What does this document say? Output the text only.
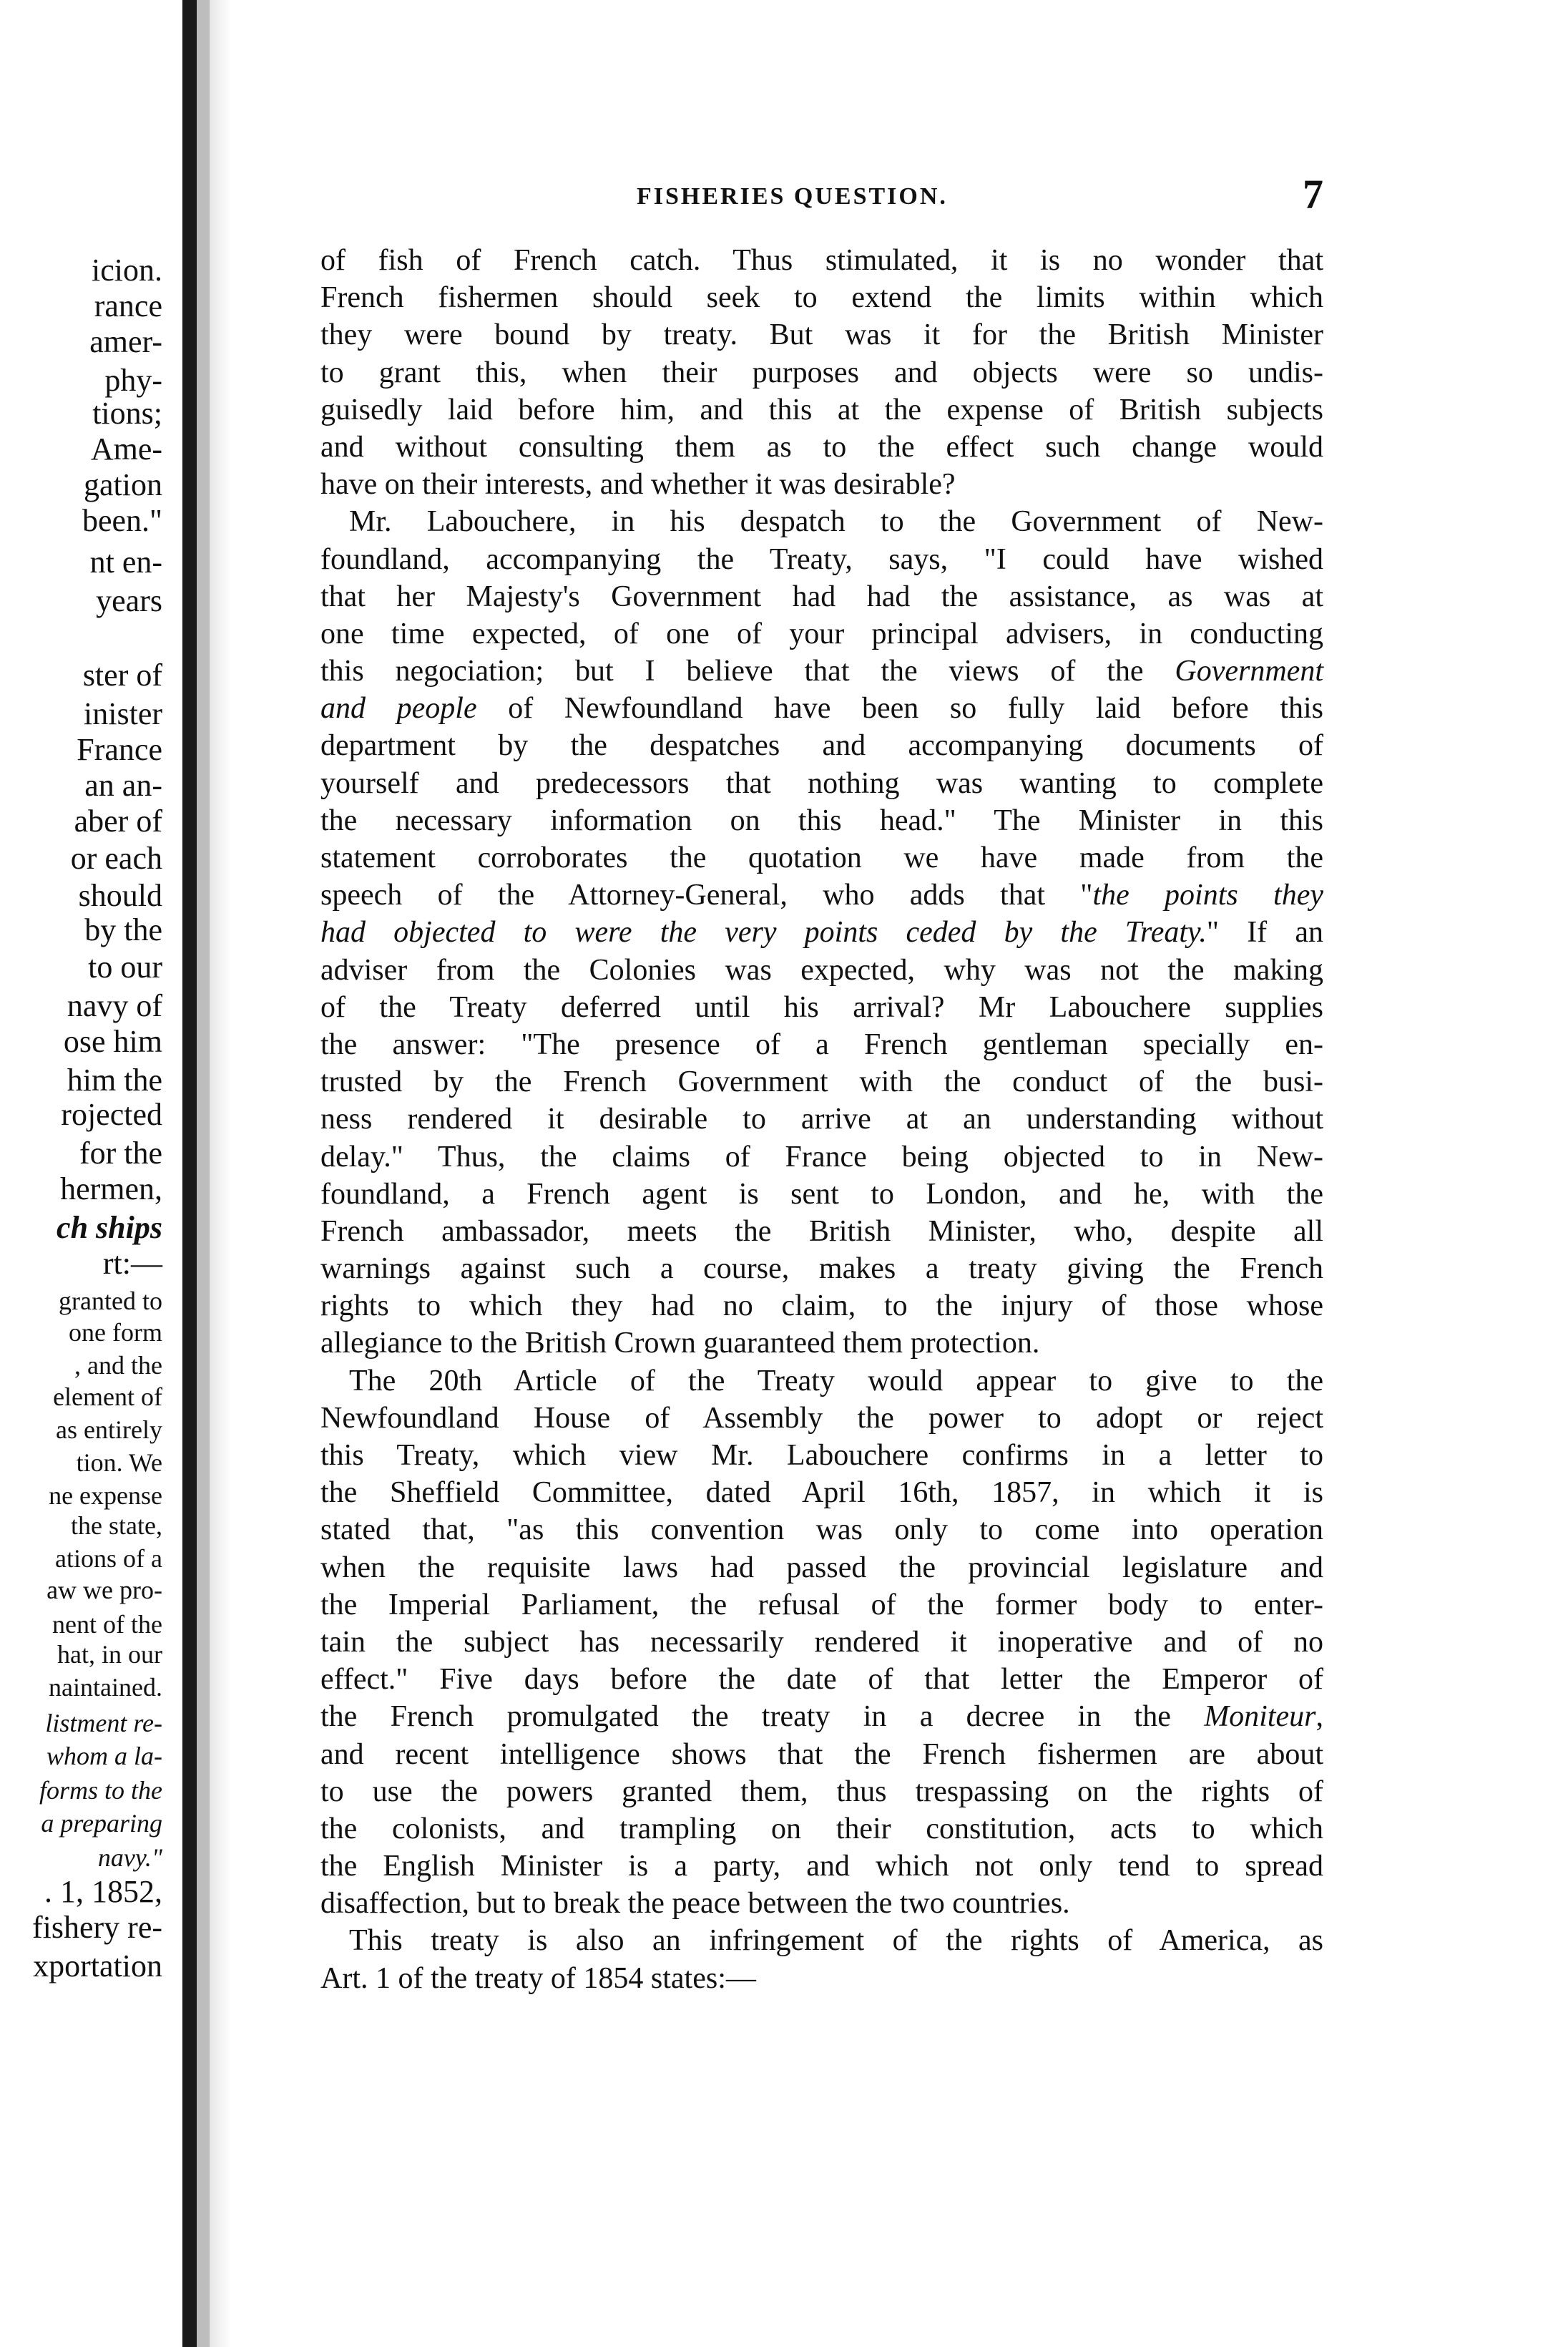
icion.
rance
amer-
phy-
tions;
Ame-
gation
been."
nt en-
years
ster of
inister
France
an an-
aber of
or each
should
by the
to our
navy of
ose him
him the
rojected
for the
hermen,
ch ships
rt:—
granted to
one form
, and the
element of
as entirely
tion. We
ne expense
the state,
ations of a
aw we pro-
nent of the
hat, in our
naintained.
listment re-
whom a la-
forms to the
a preparing
navy."
. 1, 1852,
fishery re-
xportation
FISHERIES QUESTION.	7
of fish of French catch. Thus stimulated, it is no wonder that
French fishermen should seek to extend the limits within which
they were bound by treaty. But was it for the British Minister
to grant this, when their purposes and objects were so undis-
guisedly laid before him, and this at the expense of British subjects
and without consulting them as to the effect such change would
have on their interests, and whether it was desirable?
Mr. Labouchere, in his despatch to the Government of New-
foundland, accompanying the Treaty, says, "I could have wished
that her Majesty's Government had had the assistance, as was at
one time expected, of one of your principal advisers, in conducting
this negociation; but I believe that the views of the Government
and people of Newfoundland have been so fully laid before this
department by the despatches and accompanying documents of
yourself and predecessors that nothing was wanting to complete
the necessary information on this head." The Minister in this
statement corroborates the quotation we have made from the
speech of the Attorney-General, who adds that "the points they
had objected to were the very points ceded by the Treaty." If an
adviser from the Colonies was expected, why was not the making
of the Treaty deferred until his arrival? Mr Labouchere supplies
the answer: "The presence of a French gentleman specially en-
trusted by the French Government with the conduct of the busi-
ness rendered it desirable to arrive at an understanding without
delay." Thus, the claims of France being objected to in New-
foundland, a French agent is sent to London, and he, with the
French ambassador, meets the British Minister, who, despite all
warnings against such a course, makes a treaty giving the French
rights to which they had no claim, to the injury of those whose
allegiance to the British Crown guaranteed them protection.
The 20th Article of the Treaty would appear to give to the
Newfoundland House of Assembly the power to adopt or reject
this Treaty, which view Mr. Labouchere confirms in a letter to
the Sheffield Committee, dated April 16th, 1857, in which it is
stated that, "as this convention was only to come into operation
when the requisite laws had passed the provincial legislature and
the Imperial Parliament, the refusal of the former body to enter-
tain the subject has necessarily rendered it inoperative and of no
effect." Five days before the date of that letter the Emperor of
the French promulgated the treaty in a decree in the Moniteur,
and recent intelligence shows that the French fishermen are about
to use the powers granted them, thus trespassing on the rights of
the colonists, and trampling on their constitution, acts to which
the English Minister is a party, and which not only tend to spread
disaffection, but to break the peace between the two countries.
This treaty is also an infringement of the rights of America, as
Art. 1 of the treaty of 1854 states:—
